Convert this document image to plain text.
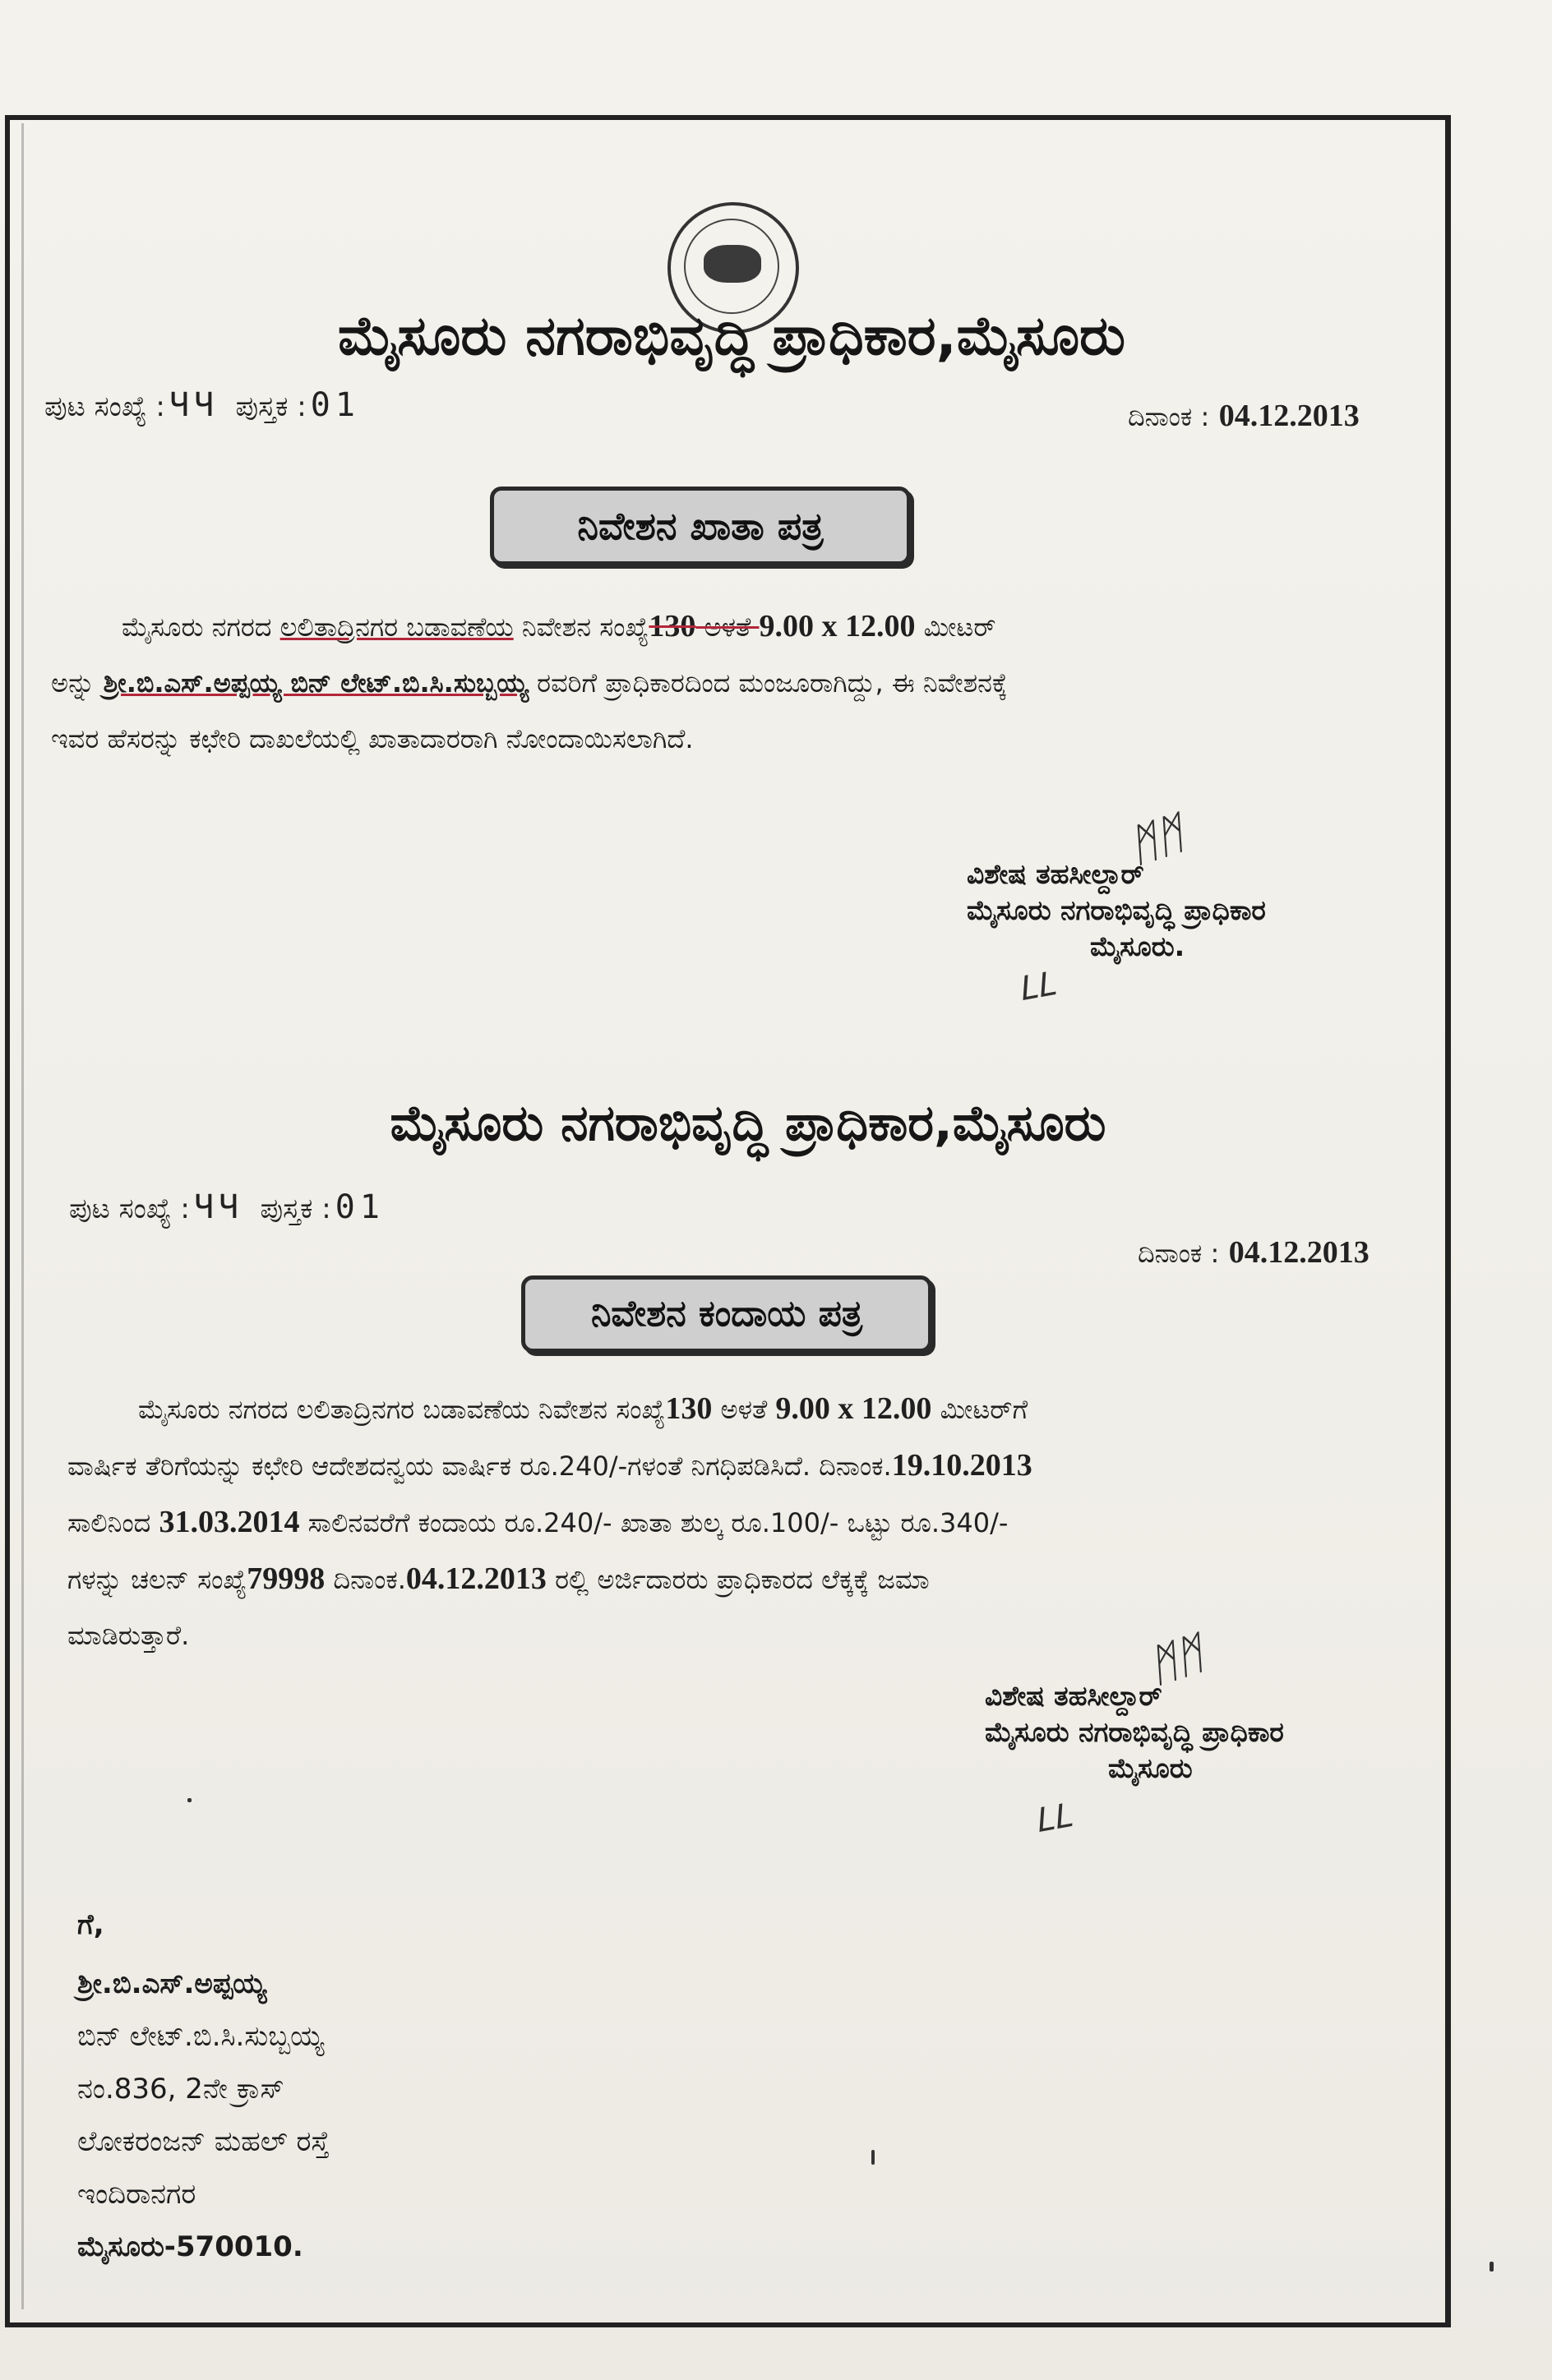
ಮೈಸೂರು ನಗರಾಭಿವೃದ್ಧಿ ಪ್ರಾಧಿಕಾರ,ಮೈಸೂರು
ಪುಟ ಸಂಖ್ಯೆ : ЧЧ ಪುಸ್ತಕ : 01	ದಿನಾಂಕ : 04.12.2013
ನಿವೇಶನ ಖಾತಾ ಪತ್ರ
ಮೈಸೂರು ನಗರದ ಲಲಿತಾದ್ರಿನಗರ ಬಡಾವಣೆಯ ನಿವೇಶನ ಸಂಖ್ಯೆ130 ಅಳತೆ 9.00 x 12.00 ಮೀಟರ್
ಅನ್ನು ಶ್ರೀ.ಬಿ.ಎಸ್.ಅಪ್ಪಯ್ಯ ಬಿನ್ ಲೇಟ್.ಬಿ.ಸಿ.ಸುಬ್ಬಯ್ಯ ರವರಿಗೆ ಪ್ರಾಧಿಕಾರದಿಂದ ಮಂಜೂರಾಗಿದ್ದು, ಈ ನಿವೇಶನಕ್ಕೆ
ಇವರ ಹೆಸರನ್ನು ಕಛೇರಿ ದಾಖಲೆಯಲ್ಲಿ ಖಾತಾದಾರರಾಗಿ ನೋಂದಾಯಿಸಲಾಗಿದೆ.
ᛗᛗ
ವಿಶೇಷ ತಹಸೀಲ್ದಾರ್
ಮೈಸೂರು ನಗರಾಭಿವೃದ್ಧಿ ಪ್ರಾಧಿಕಾರ
ಮೈಸೂರು.
ᒪᒪ
ಮೈಸೂರು ನಗರಾಭಿವೃದ್ಧಿ ಪ್ರಾಧಿಕಾರ,ಮೈಸೂರು
ಪುಟ ಸಂಖ್ಯೆ : ЧЧ ಪುಸ್ತಕ : 01
ದಿನಾಂಕ : 04.12.2013
ನಿವೇಶನ ಕಂದಾಯ ಪತ್ರ
ಮೈಸೂರು ನಗರದ ಲಲಿತಾದ್ರಿನಗರ ಬಡಾವಣೆಯ ನಿವೇಶನ ಸಂಖ್ಯೆ130 ಅಳತೆ 9.00 x 12.00 ಮೀಟರ್‌ಗೆ
ವಾರ್ಷಿಕ ತೆರಿಗೆಯನ್ನು ಕಛೇರಿ ಆದೇಶದನ್ವಯ ವಾರ್ಷಿಕ ರೂ.240/-ಗಳಂತೆ ನಿಗಧಿಪಡಿಸಿದೆ. ದಿನಾಂಕ.19.10.2013
ಸಾಲಿನಿಂದ 31.03.2014 ಸಾಲಿನವರೆಗೆ ಕಂದಾಯ ರೂ.240/- ಖಾತಾ ಶುಲ್ಕ ರೂ.100/- ಒಟ್ಟು ರೂ.340/-
ಗಳನ್ನು ಚಲನ್ ಸಂಖ್ಯೆ79998 ದಿನಾಂಕ.04.12.2013 ರಲ್ಲಿ ಅರ್ಜಿದಾರರು ಪ್ರಾಧಿಕಾರದ ಲೆಕ್ಕಕ್ಕೆ ಜಮಾ
ಮಾಡಿರುತ್ತಾರೆ.	ᛗᛗ
ವಿಶೇಷ ತಹಸೀಲ್ದಾರ್
ಮೈಸೂರು ನಗರಾಭಿವೃದ್ಧಿ ಪ್ರಾಧಿಕಾರ
ಮೈಸೂರು
ᒪᒪ
ಗೆ,
ಶ್ರೀ.ಬಿ.ಎಸ್.ಅಪ್ಪಯ್ಯ
ಬಿನ್ ಲೇಟ್.ಬಿ.ಸಿ.ಸುಬ್ಬಯ್ಯ
ನಂ.836, 2ನೇ ಕ್ರಾಸ್
ಲೋಕರಂಜನ್ ಮಹಲ್ ರಸ್ತೆ
ಇಂದಿರಾನಗರ
ಮೈಸೂರು-570010.
